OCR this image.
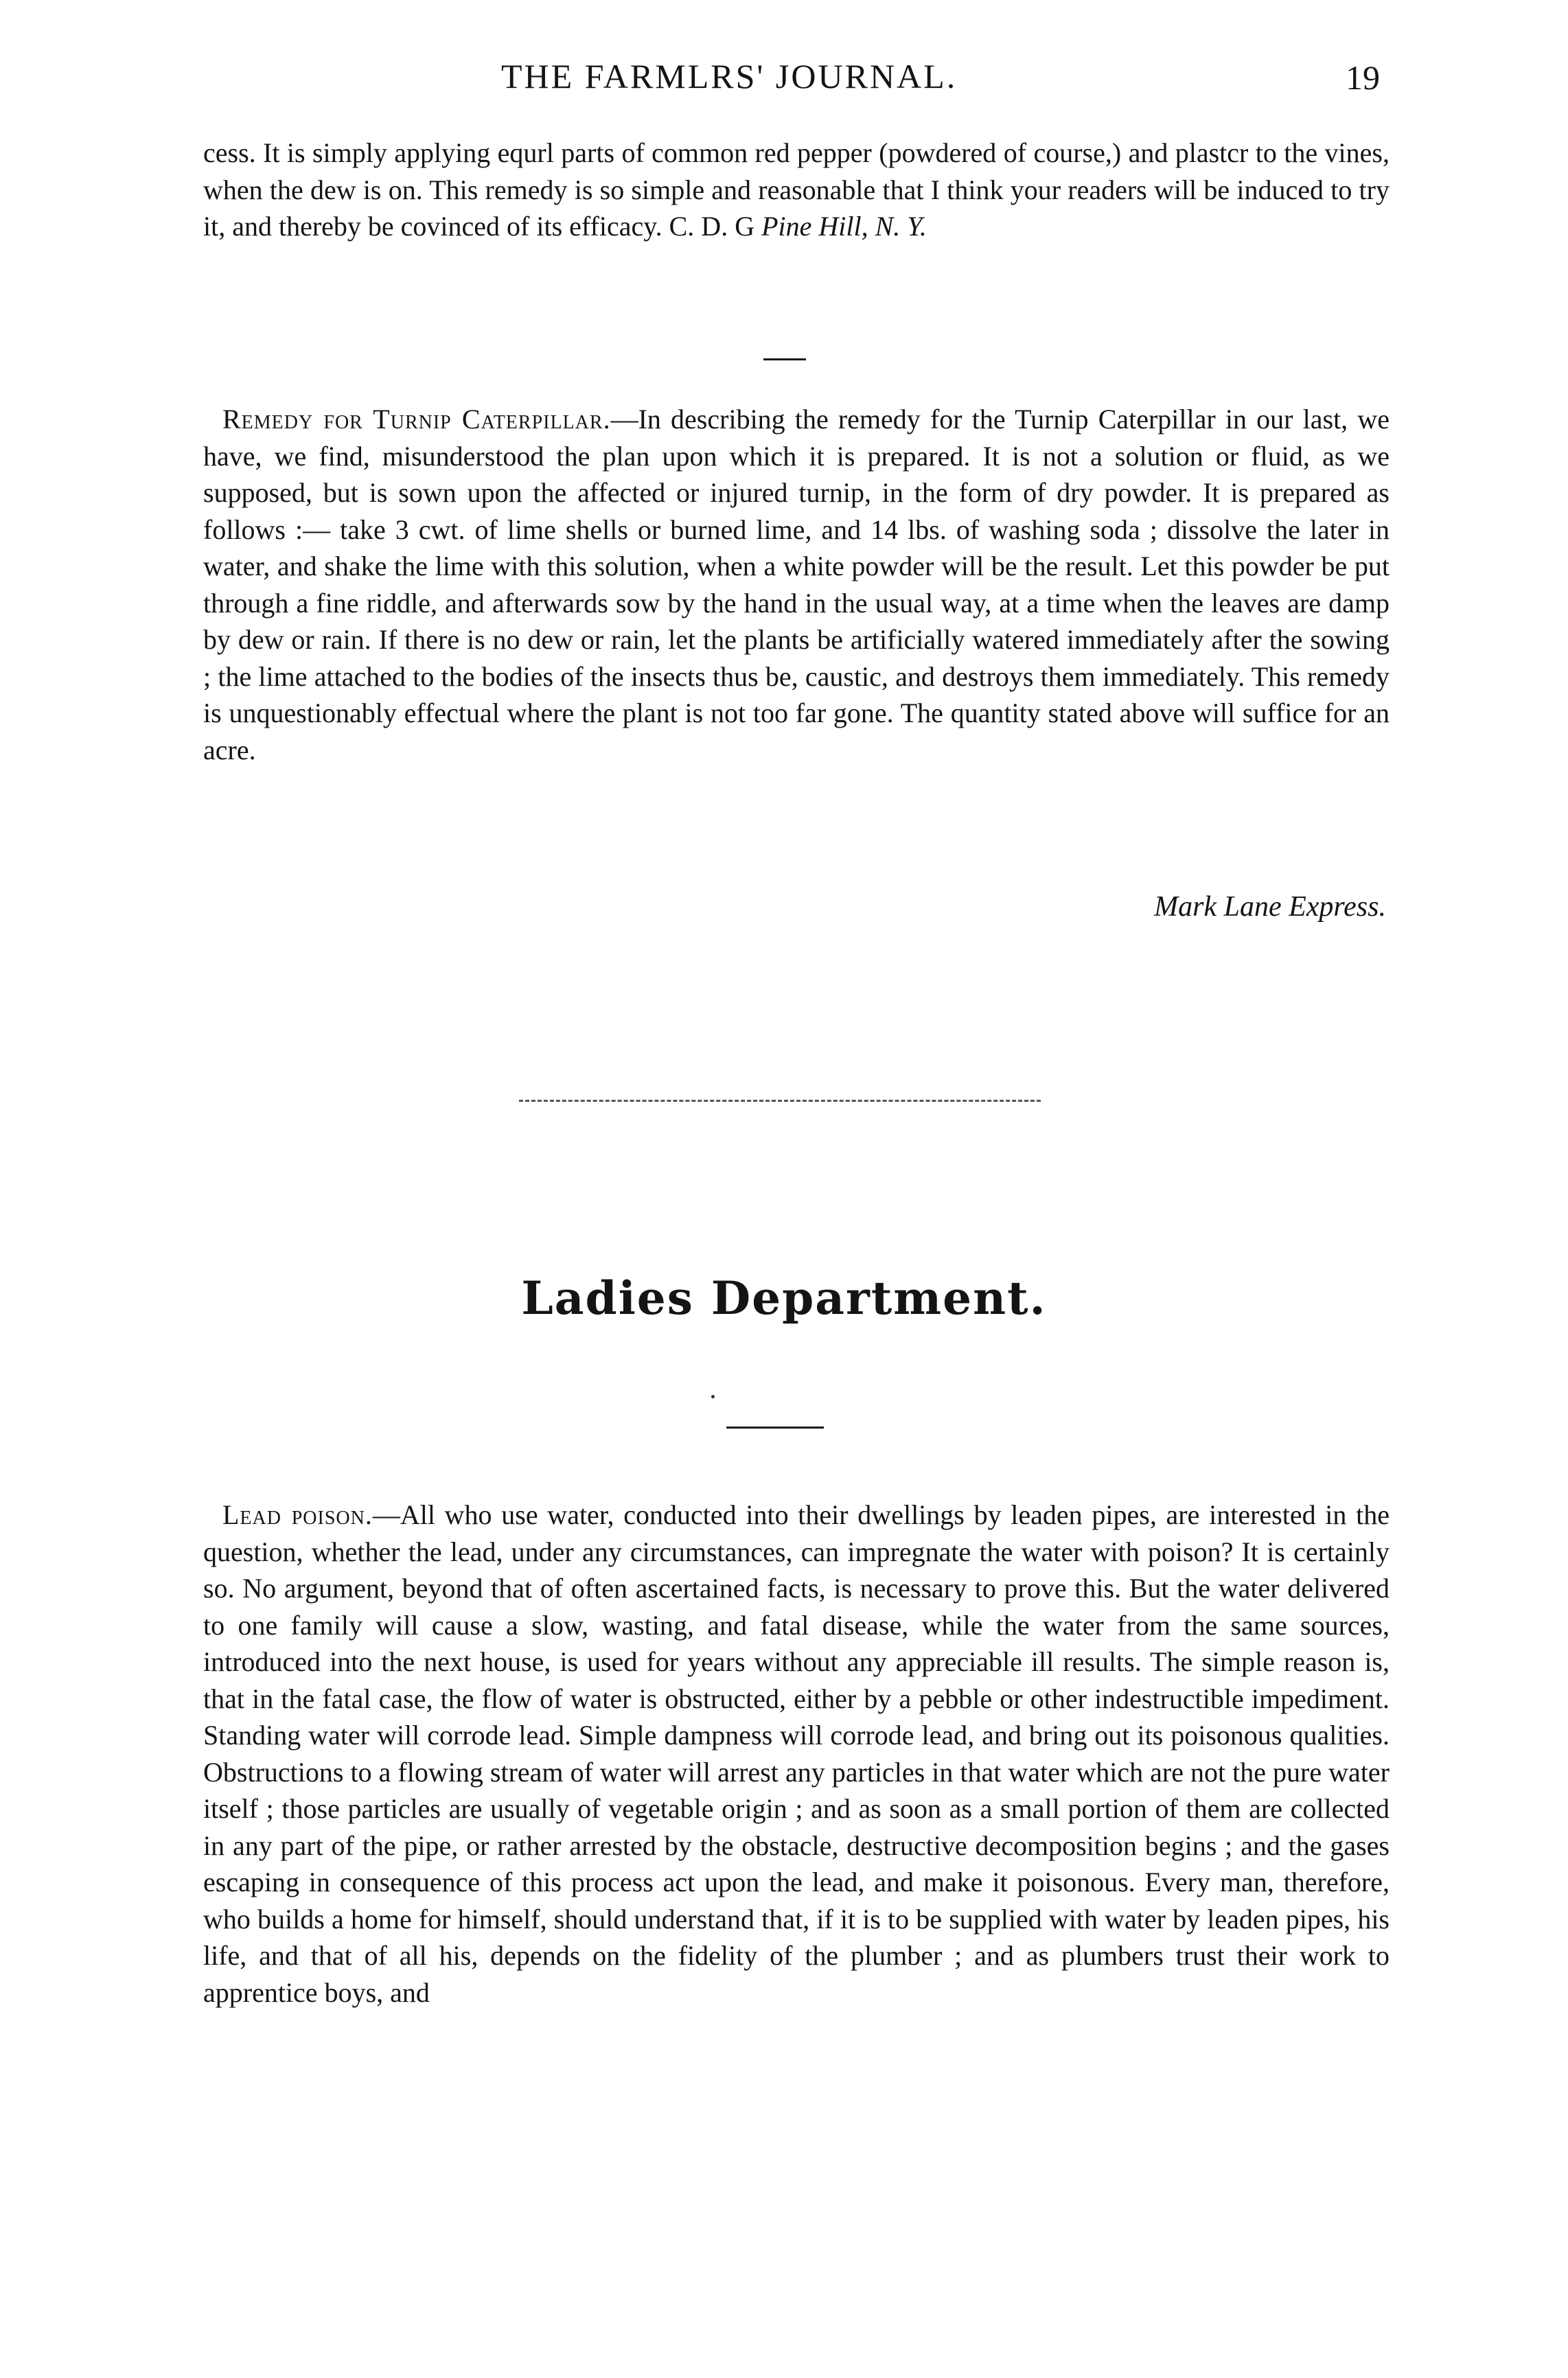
THE FARMLRS' JOURNAL.	19

cess. It is simply applying equrl parts of common red pepper (powdered of course,) and plastcr to the vines, when the dew is on. This remedy is so simple and reasonable that I think your readers will be induced to try it, and thereby be covinced of its efficacy. C. D. G Pine Hill, N. Y.

Remedy for Turnip Caterpillar.—In describing the remedy for the Turnip Caterpillar in our last, we have, we find, misunderstood the plan upon which it is prepared. It is not a solution or fluid, as we supposed, but is sown upon the affected or injured turnip, in the form of dry powder. It is prepared as follows :— take 3 cwt. of lime shells or burned lime, and 14 lbs. of washing soda ; dissolve the later in water, and shake the lime with this solution, when a white powder will be the result. Let this powder be put through a fine riddle, and afterwards sow by the hand in the usual way, at a time when the leaves are damp by dew or rain. If there is no dew or rain, let the plants be artificially watered immediately after the sowing ; the lime attached to the bodies of the insects thus be, caustic, and destroys them immediately. This remedy is unquestionably effectual where the plant is not too far gone. The quantity stated above will suffice for an acre.

Mark Lane Express.
Ladies Department.

Lead poison.—All who use water, conducted into their dwellings by leaden pipes, are interested in the question, whether the lead, under any circumstances, can impregnate the water with poison? It is certainly so. No argument, beyond that of often ascertained facts, is necessary to prove this. But the water delivered to one family will cause a slow, wasting, and fatal disease, while the water from the same sources, introduced into the next house, is used for years without any appreciable ill results. The simple reason is, that in the fatal case, the flow of water is obstructed, either by a pebble or other indestructible impediment. Standing water will corrode lead. Simple dampness will corrode lead, and bring out its poisonous qualities. Obstructions to a flowing stream of water will arrest any particles in that water which are not the pure water itself ; those particles are usually of vegetable origin ; and as soon as a small portion of them are collected in any part of the pipe, or rather arrested by the obstacle, destructive decomposition begins ; and the gases escaping in consequence of this process act upon the lead, and make it poisonous. Every man, therefore, who builds a home for himself, should understand that, if it is to be supplied with water by leaden pipes, his life, and that of all his, depends on the fidelity of the plumber ; and as plumbers trust their work to apprentice boys, and
